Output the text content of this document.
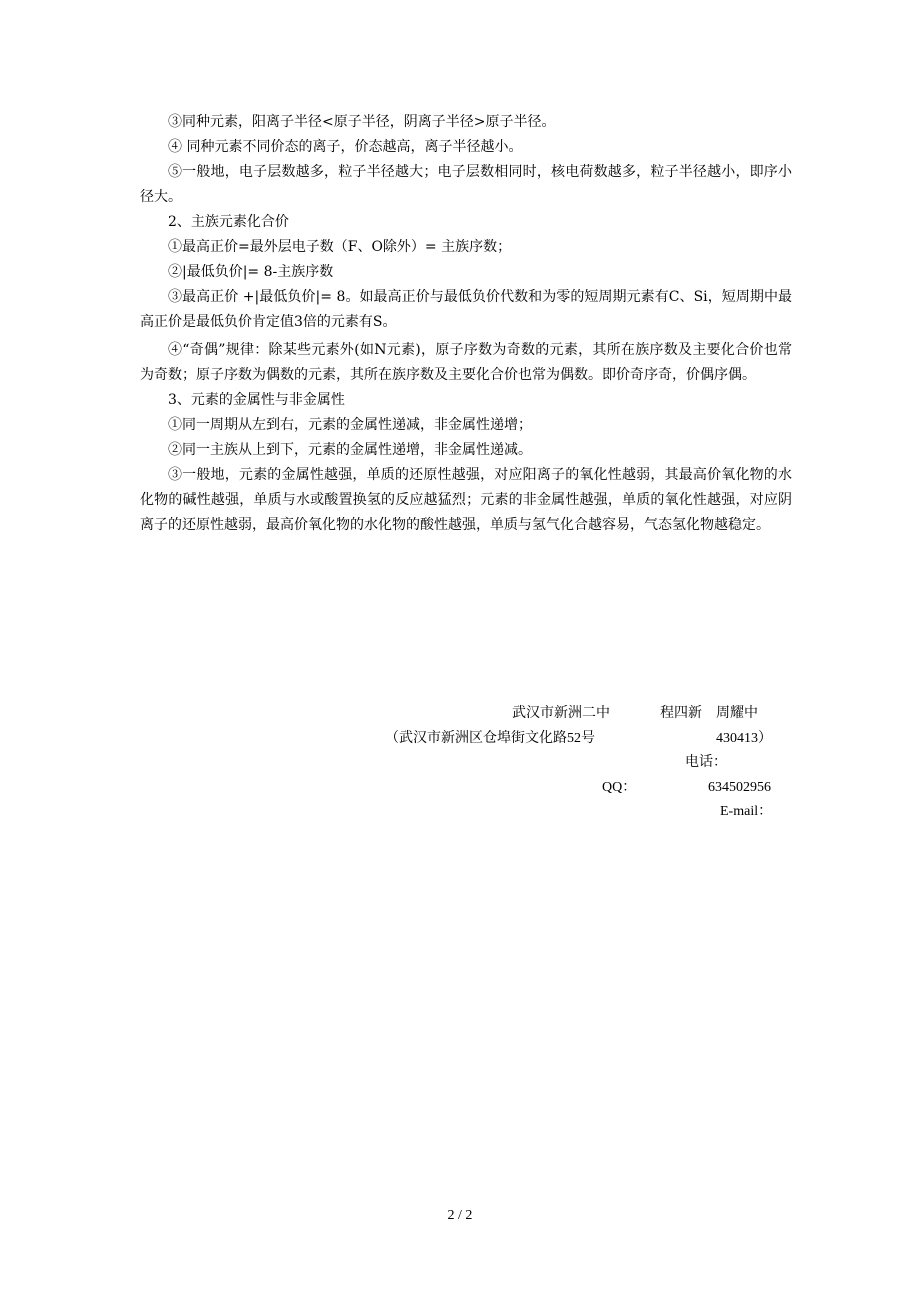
③同种元素，阳离子半径<原子半径，阴离子半径>原子半径。

④ 同种元素不同价态的离子，价态越高，离子半径越小。

⑤一般地，电子层数越多，粒子半径越大；电子层数相同时，核电荷数越多，粒子半径越小，即序小径大。

2、主族元素化合价

①最高正价=最外层电子数（F、O除外）= 主族序数；

②|最低负价|= 8-主族序数

③最高正价 +|最低负价|= 8。如最高正价与最低负价代数和为零的短周期元素有C、Si，短周期中最高正价是最低负价肯定值3倍的元素有S。

④“奇偶”规律：除某些元素外(如N元素)，原子序数为奇数的元素，其所在族序数及主要化合价也常为奇数；原子序数为偶数的元素，其所在族序数及主要化合价也常为偶数。即价奇序奇，价偶序偶。

3、元素的金属性与非金属性

①同一周期从左到右，元素的金属性递减，非金属性递增；

②同一主族从上到下，元素的金属性递增，非金属性递减。

③一般地，元素的金属性越强，单质的还原性越强，对应阳离子的氧化性越弱，其最高价氧化物的水化物的碱性越强，单质与水或酸置换氢的反应越猛烈；元素的非金属性越强，单质的氧化性越强，对应阴离子的还原性越弱，最高价氧化物的水化物的酸性越强，单质与氢气化合越容易，气态氢化物越稳定。

武汉市新洲二中	程四新　周耀中
（武汉市新洲区仓埠街文化路52号	430413）
电话：
QQ：	634502956
E-mail：
2 / 2
